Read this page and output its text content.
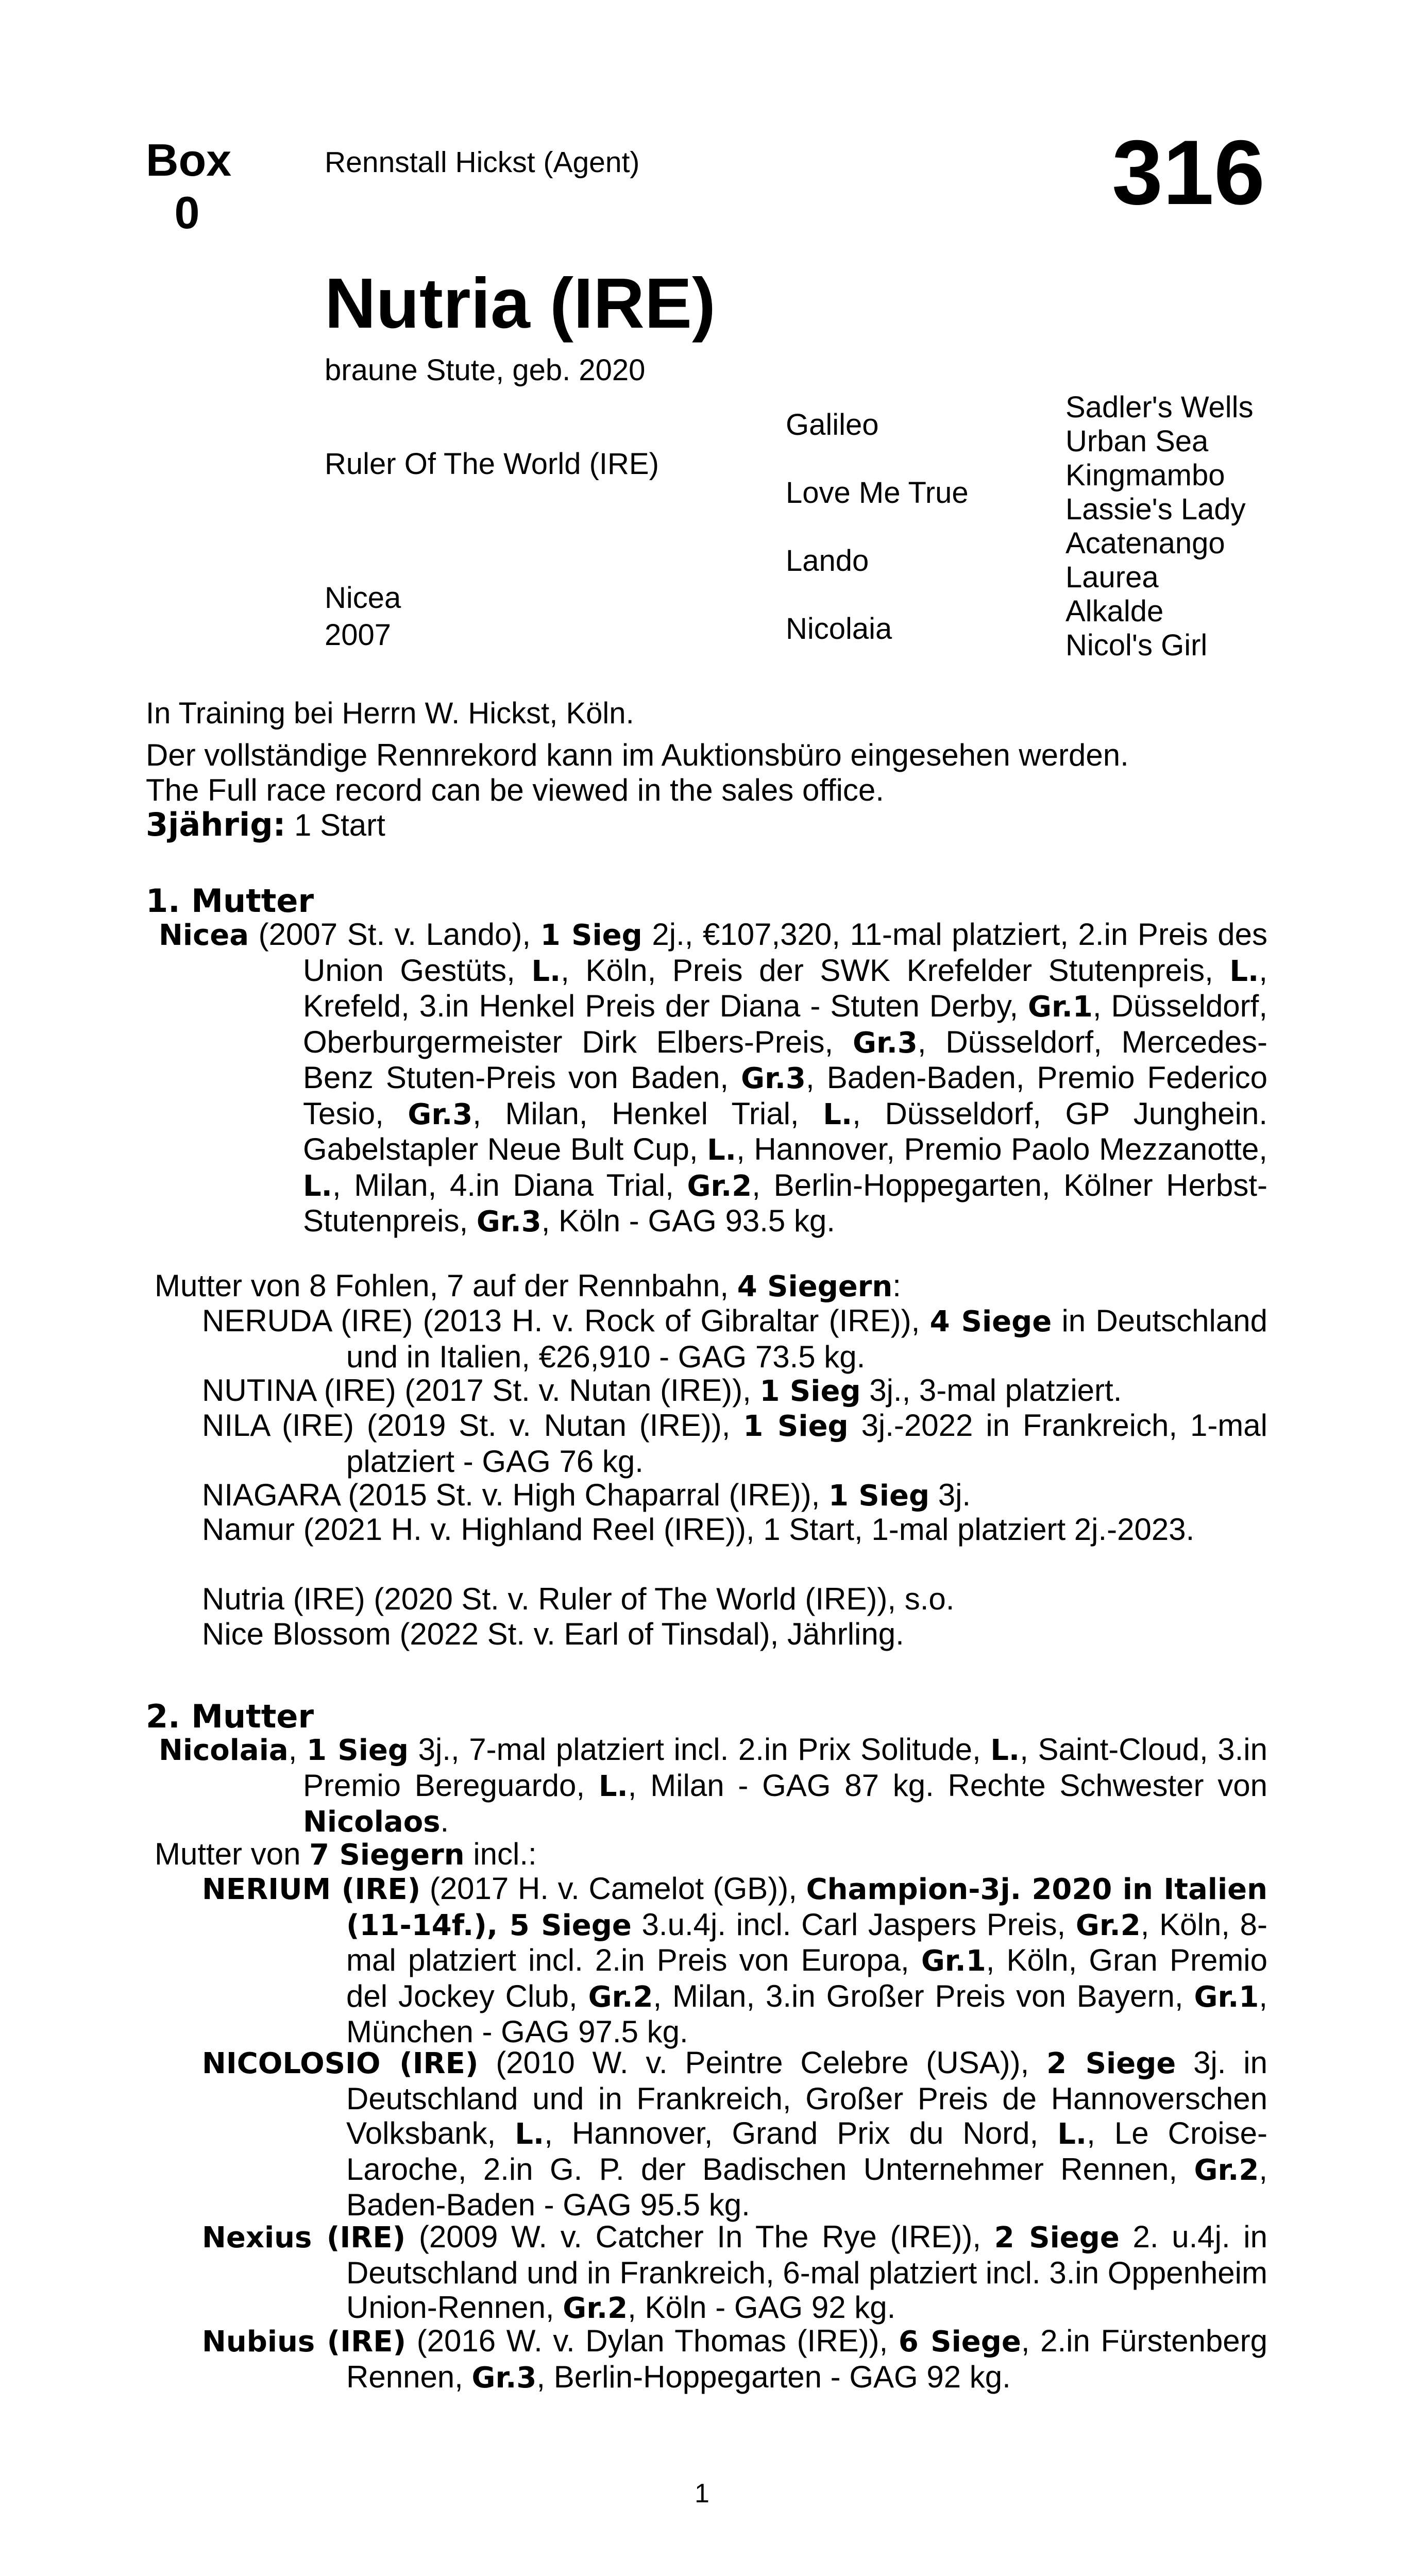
Box
0
Rennstall Hickst (Agent)	316
Nutria (IRE)
braune Stute, geb. 2020
Ruler Of The World (IRE)
Nicea
2007
Galileo
Love Me True
Lando
Nicolaia
Sadler's Wells
Urban Sea
Kingmambo
Lassie's Lady
Acatenango
Laurea
Alkalde
Nicol's Girl
In Training bei Herrn W. Hickst, Köln.
Der vollständige Rennrekord kann im Auktionsbüro eingesehen werden.
The Full race record can be viewed in the sales office.
3jährig: 1 Start
1. Mutter
Nicea (2007 St. v. Lando), 1 Sieg 2j., €107,320, 11-mal platziert, 2.in Preis des Union Gestüts, L., Köln, Preis der SWK Krefelder Stutenpreis, L., Krefeld, 3.in Henkel Preis der Diana - Stuten Derby, Gr.1, Düsseldorf, Oberburgermeister Dirk Elbers-Preis, Gr.3, Düsseldorf, Mercedes-Benz Stuten-Preis von Baden, Gr.3, Baden-Baden, Premio Federico Tesio, Gr.3, Milan, Henkel Trial, L., Düsseldorf, GP Junghein. Gabelstapler Neue Bult Cup, L., Hannover, Premio Paolo Mezzanotte, L., Milan, 4.in Diana Trial, Gr.2, Berlin-Hoppegarten, Kölner Herbst-Stutenpreis, Gr.3, Köln - GAG 93.5 kg.
Mutter von 8 Fohlen, 7 auf der Rennbahn, 4 Siegern:
NERUDA (IRE) (2013 H. v. Rock of Gibraltar (IRE)), 4 Siege in Deutschland und in Italien, €26,910 - GAG 73.5 kg.
NUTINA (IRE) (2017 St. v. Nutan (IRE)), 1 Sieg 3j., 3-mal platziert.
NILA (IRE) (2019 St. v. Nutan (IRE)), 1 Sieg 3j.-2022 in Frankreich, 1-mal platziert - GAG 76 kg.
NIAGARA (2015 St. v. High Chaparral (IRE)), 1 Sieg 3j.
Namur (2021 H. v. Highland Reel (IRE)), 1 Start, 1-mal platziert 2j.-2023.
Nutria (IRE) (2020 St. v. Ruler of The World (IRE)), s.o.
Nice Blossom (2022 St. v. Earl of Tinsdal), Jährling.
2. Mutter
Nicolaia, 1 Sieg 3j., 7-mal platziert incl. 2.in Prix Solitude, L., Saint-Cloud, 3.in Premio Bereguardo, L., Milan - GAG 87 kg. Rechte Schwester von Nicolaos.
Mutter von 7 Siegern incl.:
NERIUM (IRE) (2017 H. v. Camelot (GB)), Champion-3j. 2020 in Italien (11-14f.), 5 Siege 3.u.4j. incl. Carl Jaspers Preis, Gr.2, Köln, 8-mal platziert incl. 2.in Preis von Europa, Gr.1, Köln, Gran Premio del Jockey Club, Gr.2, Milan, 3.in Großer Preis von Bayern, Gr.1, München - GAG 97.5 kg.
NICOLOSIO (IRE) (2010 W. v. Peintre Celebre (USA)), 2 Siege 3j. in Deutschland und in Frankreich, Großer Preis de Hannoverschen Volksbank, L., Hannover, Grand Prix du Nord, L., Le Croise-Laroche, 2.in G. P. der Badischen Unternehmer Rennen, Gr.2, Baden-Baden - GAG 95.5 kg.
Nexius (IRE) (2009 W. v. Catcher In The Rye (IRE)), 2 Siege 2. u.4j. in Deutschland und in Frankreich, 6-mal platziert incl. 3.in Oppenheim Union-Rennen, Gr.2, Köln - GAG 92 kg.
Nubius (IRE) (2016 W. v. Dylan Thomas (IRE)), 6 Siege, 2.in Fürstenberg Rennen, Gr.3, Berlin-Hoppegarten - GAG 92 kg.
1
